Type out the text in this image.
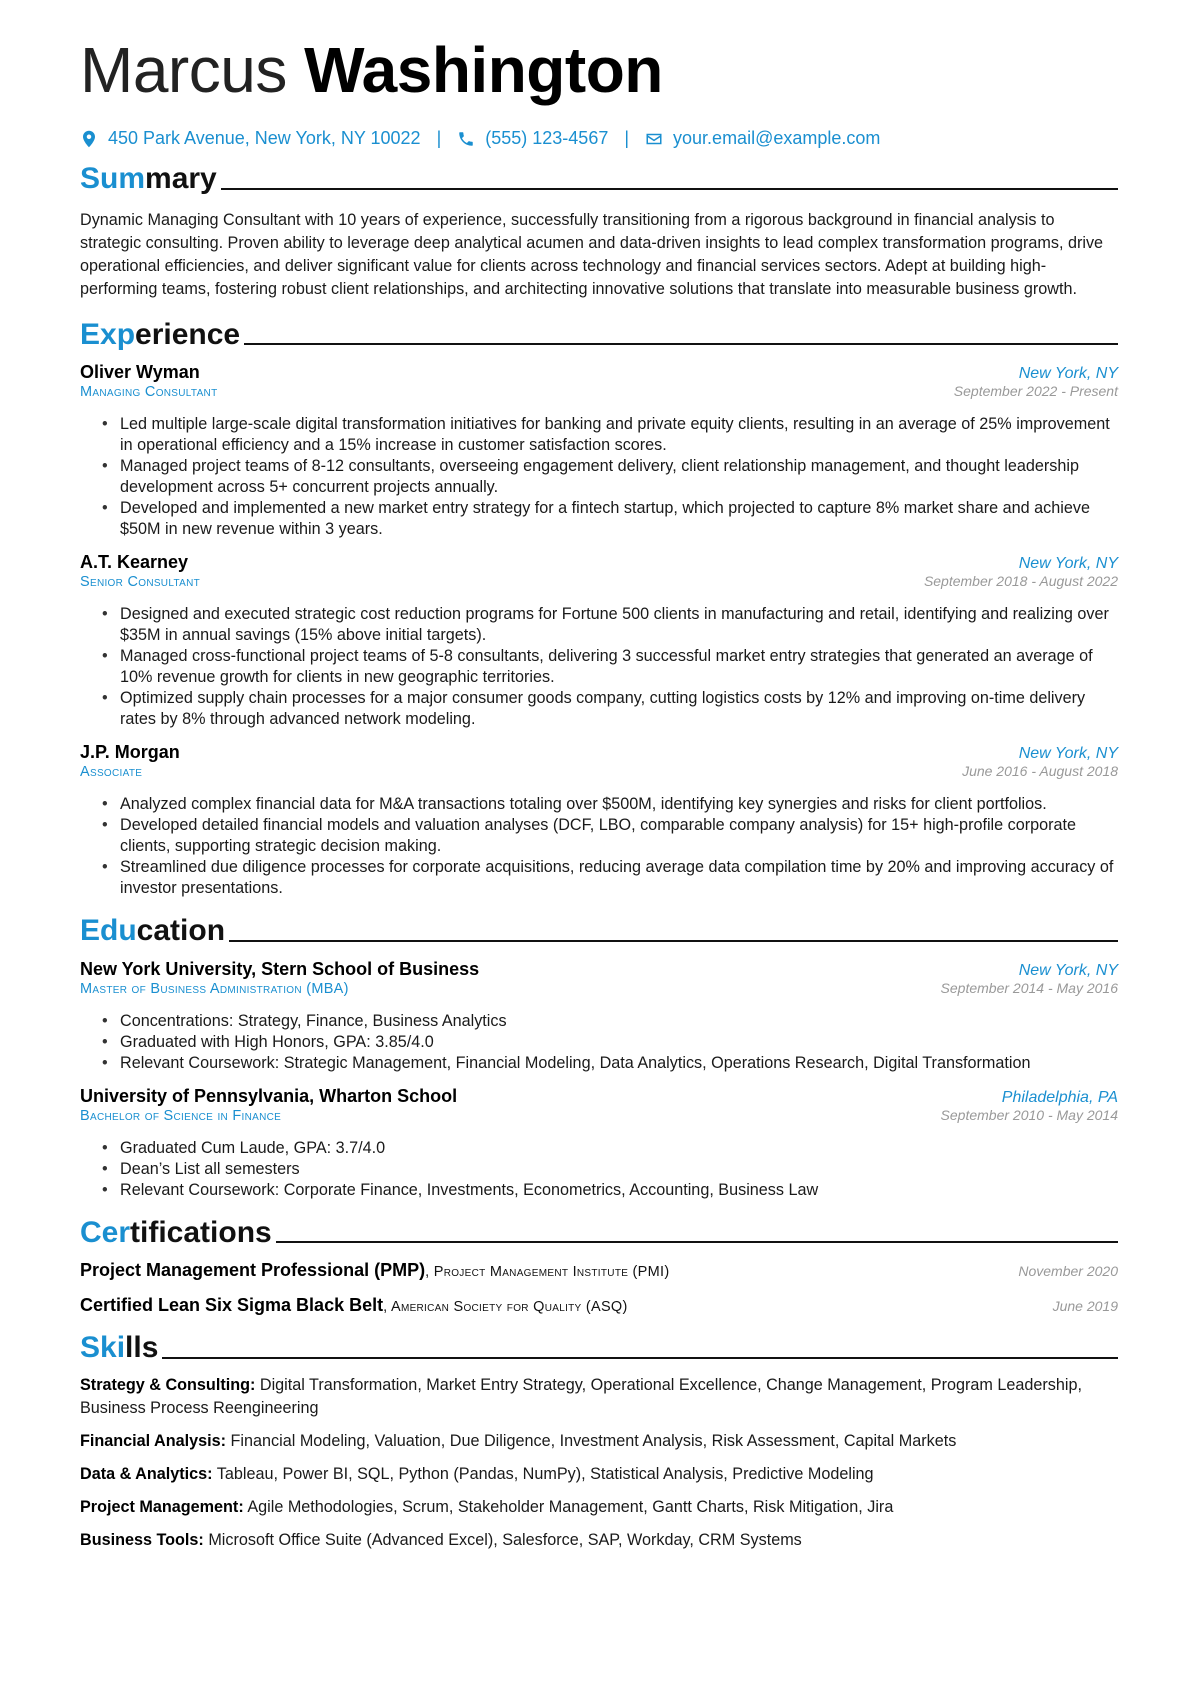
Marcus Washington
450 Park Avenue, New York, NY 10022 | (555) 123-4567 | your.email@example.com
Summary

Dynamic Managing Consultant with 10 years of experience, successfully transitioning from a rigorous background in financial analysis to strategic consulting. Proven ability to leverage deep analytical acumen and data-driven insights to lead complex transformation programs, drive operational efficiencies, and deliver significant value for clients across technology and financial services sectors. Adept at building high-performing teams, fostering robust client relationships, and architecting innovative solutions that translate into measurable business growth.

Experience
Oliver Wyman	New York, NY
Managing Consultant	September 2022 - Present
• Led multiple large-scale digital transformation initiatives for banking and private equity clients, resulting in an average of 25% improvement in operational efficiency and a 15% increase in customer satisfaction scores.
• Managed project teams of 8-12 consultants, overseeing engagement delivery, client relationship management, and thought leadership development across 5+ concurrent projects annually.
• Developed and implemented a new market entry strategy for a fintech startup, which projected to capture 8% market share and achieve $50M in new revenue within 3 years.
A.T. Kearney	New York, NY
Senior Consultant	September 2018 - August 2022
• Designed and executed strategic cost reduction programs for Fortune 500 clients in manufacturing and retail, identifying and realizing over $35M in annual savings (15% above initial targets).
• Managed cross-functional project teams of 5-8 consultants, delivering 3 successful market entry strategies that generated an average of 10% revenue growth for clients in new geographic territories.
• Optimized supply chain processes for a major consumer goods company, cutting logistics costs by 12% and improving on-time delivery rates by 8% through advanced network modeling.
J.P. Morgan	New York, NY
Associate	June 2016 - August 2018
• Analyzed complex financial data for M&A transactions totaling over $500M, identifying key synergies and risks for client portfolios.
• Developed detailed financial models and valuation analyses (DCF, LBO, comparable company analysis) for 15+ high-profile corporate clients, supporting strategic decision making.
• Streamlined due diligence processes for corporate acquisitions, reducing average data compilation time by 20% and improving accuracy of investor presentations.
Education
New York University, Stern School of Business	New York, NY
Master of Business Administration (MBA)	September 2014 - May 2016
• Concentrations: Strategy, Finance, Business Analytics
• Graduated with High Honors, GPA: 3.85/4.0
• Relevant Coursework: Strategic Management, Financial Modeling, Data Analytics, Operations Research, Digital Transformation
University of Pennsylvania, Wharton School	Philadelphia, PA
Bachelor of Science in Finance	September 2010 - May 2014
• Graduated Cum Laude, GPA: 3.7/4.0
• Dean’s List all semesters
• Relevant Coursework: Corporate Finance, Investments, Econometrics, Accounting, Business Law
Certifications
Project Management Professional (PMP), Project Management Institute (PMI)	November 2020
Certified Lean Six Sigma Black Belt, American Society for Quality (ASQ)	June 2019
Skills

Strategy & Consulting: Digital Transformation, Market Entry Strategy, Operational Excellence, Change Management, Program Leadership, Business Process Reengineering

Financial Analysis: Financial Modeling, Valuation, Due Diligence, Investment Analysis, Risk Assessment, Capital Markets

Data & Analytics: Tableau, Power BI, SQL, Python (Pandas, NumPy), Statistical Analysis, Predictive Modeling

Project Management: Agile Methodologies, Scrum, Stakeholder Management, Gantt Charts, Risk Mitigation, Jira

Business Tools: Microsoft Office Suite (Advanced Excel), Salesforce, SAP, Workday, CRM Systems
